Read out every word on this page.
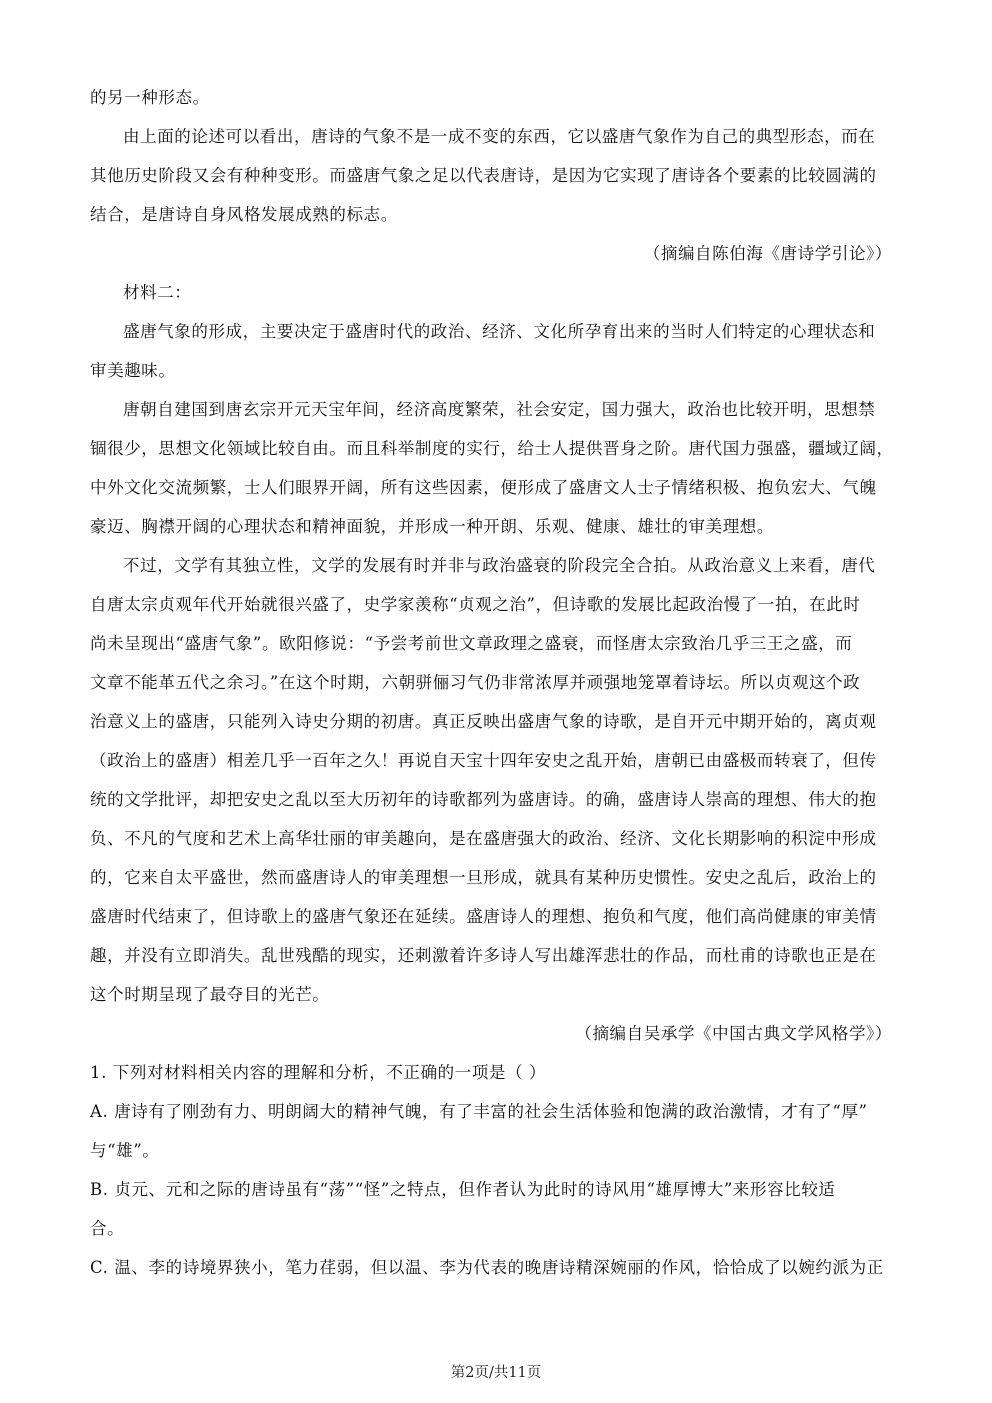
的另一种形态。
由上面的论述可以看出，唐诗的气象不是一成不变的东西，它以盛唐气象作为自己的典型形态，而在
其他历史阶段又会有种种变形。而盛唐气象之足以代表唐诗，是因为它实现了唐诗各个要素的比较圆满的
结合，是唐诗自身风格发展成熟的标志。
（摘编自陈伯海《唐诗学引论》）
材料二：
盛唐气象的形成，主要决定于盛唐时代的政治、经济、文化所孕育出来的当时人们特定的心理状态和
审美趣味。
唐朝自建国到唐玄宗开元天宝年间，经济高度繁荣，社会安定，国力强大，政治也比较开明，思想禁
锢很少，思想文化领域比较自由。而且科举制度的实行，给士人提供晋身之阶。唐代国力强盛，疆域辽阔，
中外文化交流频繁，士人们眼界开阔，所有这些因素，便形成了盛唐文人士子情绪积极、抱负宏大、气魄
豪迈、胸襟开阔的心理状态和精神面貌，并形成一种开朗、乐观、健康、雄壮的审美理想。
不过，文学有其独立性，文学的发展有时并非与政治盛衰的阶段完全合拍。从政治意义上来看，唐代
自唐太宗贞观年代开始就很兴盛了，史学家羡称“贞观之治”，但诗歌的发展比起政治慢了一拍，在此时
尚未呈现出“盛唐气象”。欧阳修说：“予尝考前世文章政理之盛衰，而怪唐太宗致治几乎三王之盛，而
文章不能革五代之余习。”在这个时期，六朝骈俪习气仍非常浓厚并顽强地笼罩着诗坛。所以贞观这个政
治意义上的盛唐，只能列入诗史分期的初唐。真正反映出盛唐气象的诗歌，是自开元中期开始的，离贞观
（政治上的盛唐）相差几乎一百年之久！再说自天宝十四年安史之乱开始，唐朝已由盛极而转衰了，但传
统的文学批评，却把安史之乱以至大历初年的诗歌都列为盛唐诗。的确，盛唐诗人崇高的理想、伟大的抱
负、不凡的气度和艺术上高华壮丽的审美趣向，是在盛唐强大的政治、经济、文化长期影响的积淀中形成
的，它来自太平盛世，然而盛唐诗人的审美理想一旦形成，就具有某种历史惯性。安史之乱后，政治上的
盛唐时代结束了，但诗歌上的盛唐气象还在延续。盛唐诗人的理想、抱负和气度，他们高尚健康的审美情
趣，并没有立即消失。乱世残酷的现实，还刺激着许多诗人写出雄浑悲壮的作品，而杜甫的诗歌也正是在
这个时期呈现了最夺目的光芒。
（摘编自吴承学《中国古典文学风格学》）
1. 下列对材料相关内容的理解和分析，不正确的一项是（ ）
A. 唐诗有了刚劲有力、明朗阔大的精神气魄，有了丰富的社会生活体验和饱满的政治激情，才有了“厚”
与“雄”。
B. 贞元、元和之际的唐诗虽有“荡”“怪”之特点，但作者认为此时的诗风用“雄厚博大”来形容比较适
合。
C. 温、李的诗境界狭小，笔力荏弱，但以温、李为代表的晚唐诗精深婉丽的作风，恰恰成了以婉约派为正
第2页/共11页
